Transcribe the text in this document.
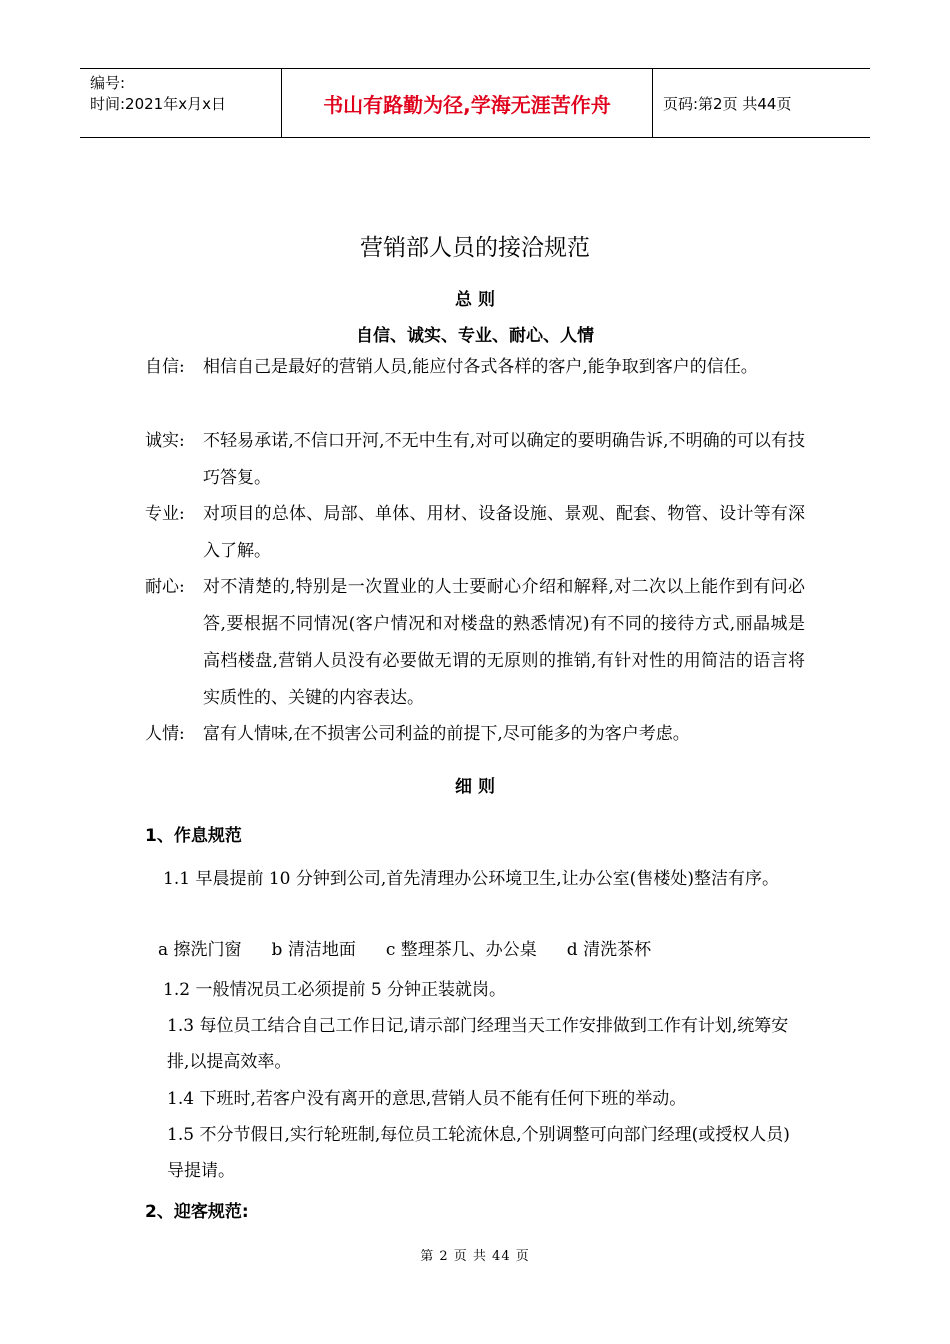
编号:
时间:2021年x月x日	书山有路勤为径,学海无涯苦作舟	页码:第2页 共44页
营销部人员的接洽规范
总 则
自信、诚实、专业、耐心、人情
自信: 相信自己是最好的营销人员,能应付各式各样的客户,能争取到客户的信任。
诚实: 不轻易承诺,不信口开河,不无中生有,对可以确定的要明确告诉,不明确的可以有技巧答复。
专业: 对项目的总体、局部、单体、用材、设备设施、景观、配套、物管、设计等有深入了解。
耐心: 对不清楚的,特别是一次置业的人士要耐心介绍和解释,对二次以上能作到有问必答,要根据不同情况(客户情况和对楼盘的熟悉情况)有不同的接待方式,丽晶城是高档楼盘,营销人员没有必要做无谓的无原则的推销,有针对性的用简洁的语言将实质性的、关键的内容表达。
人情: 富有人情味,在不损害公司利益的前提下,尽可能多的为客户考虑。
细 则
1、作息规范
1.1 早晨提前 10 分钟到公司,首先清理办公环境卫生,让办公室(售楼处)整洁有序。
a 擦洗门窗 b 清洁地面 c 整理茶几、办公桌 d 清洗茶杯
1.2 一般情况员工必须提前 5 分钟正装就岗。
1.3 每位员工结合自己工作日记,请示部门经理当天工作安排做到工作有计划,统筹安排,以提高效率。
1.4 下班时,若客户没有离开的意思,营销人员不能有任何下班的举动。
1.5 不分节假日,实行轮班制,每位员工轮流休息,个别调整可向部门经理(或授权人员)导提请。
2、迎客规范:
第 2 页 共 44 页
